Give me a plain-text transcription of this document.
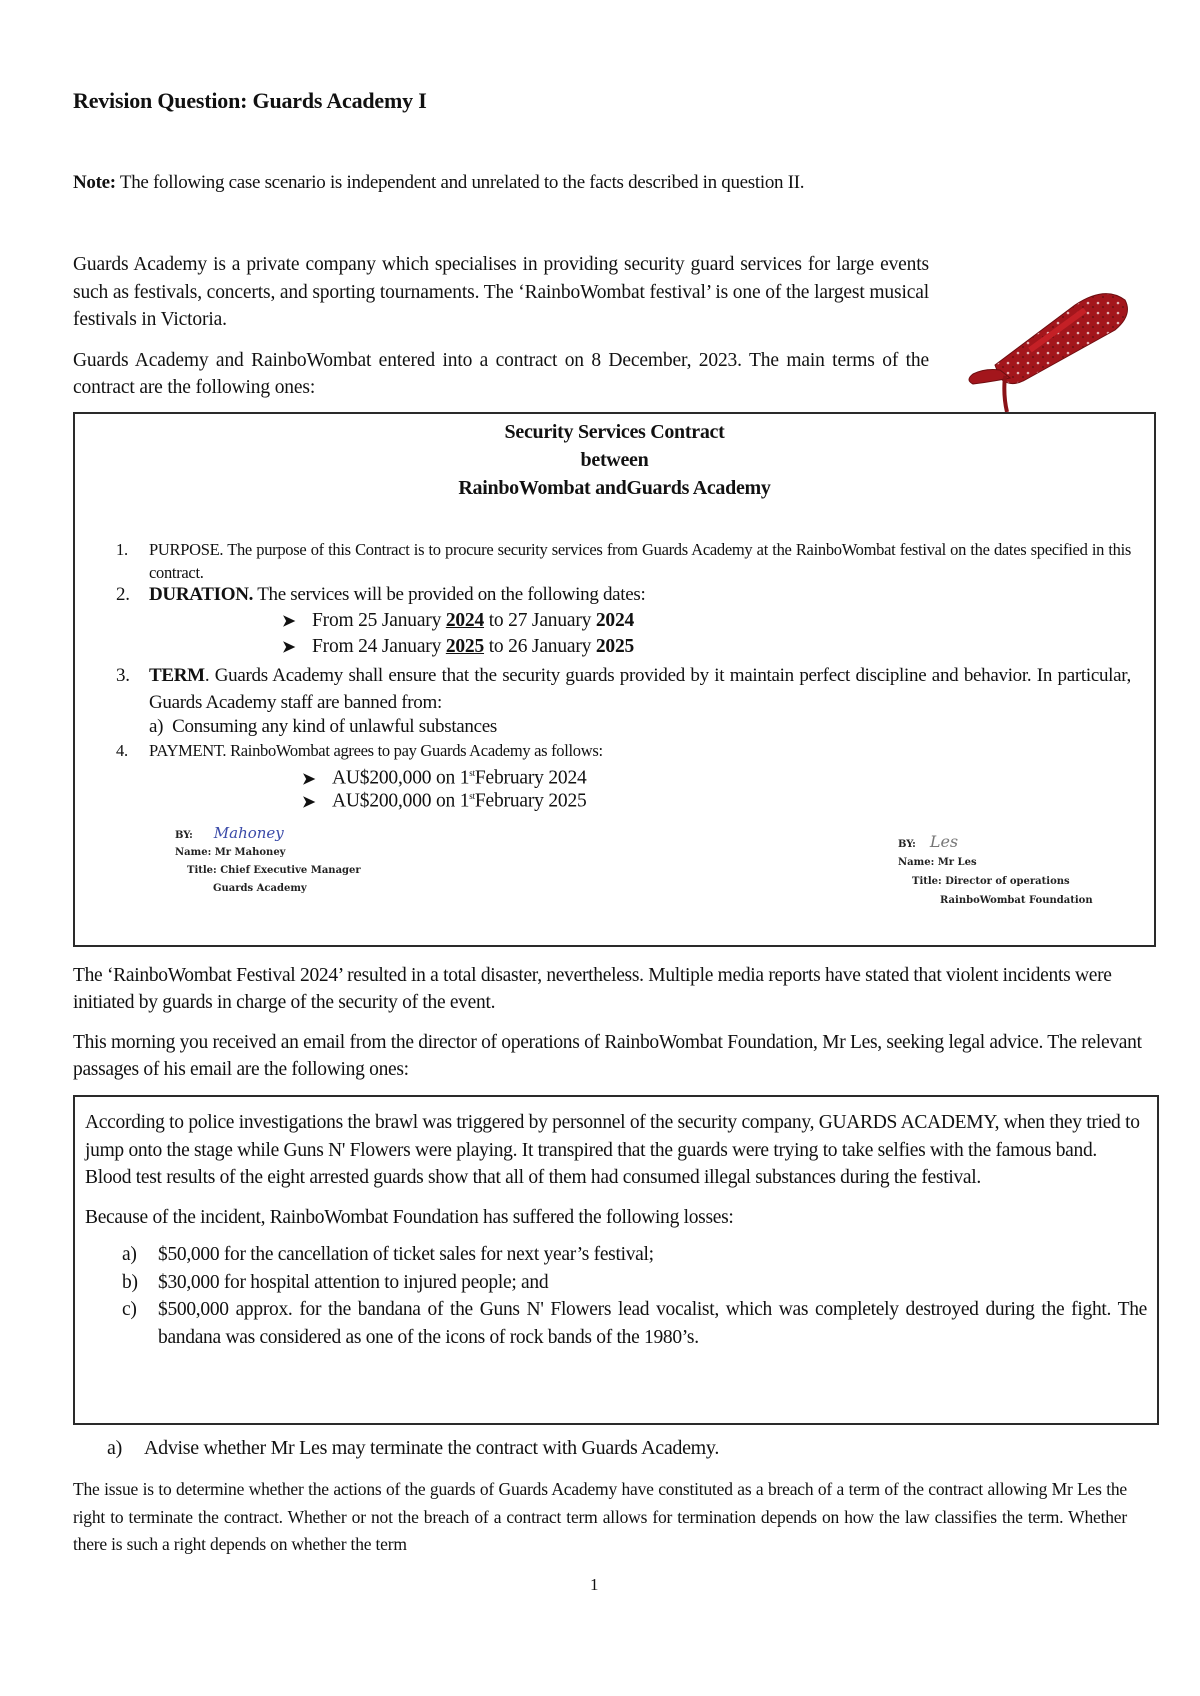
Revision Question: Guards Academy I
Note: The following case scenario is independent and unrelated to the facts described in question II.

Guards Academy is a private company which specialises in providing security guard services for large events such as festivals, concerts, and sporting tournaments. The ‘RainboWombat festival’ is one of the largest musical festivals in Victoria.

Guards Academy and RainboWombat entered into a contract on 8 December, 2023. The main terms of the contract are the following ones:

Security Services Contract
between
RainboWombat andGuards Academy
1. PURPOSE. The purpose of this Contract is to procure security services from Guards Academy at the RainboWombat festival on the dates specified in this contract.
2. DURATION. The services will be provided on the following dates:
➤ From 25 January 2024 to 27 January 2024
➤ From 24 January 2025 to 26 January 2025
3. TERM. Guards Academy shall ensure that the security guards provided by it maintain perfect discipline and behavior. In particular, Guards Academy staff are banned from:
a) Consuming any kind of unlawful substances
4. PAYMENT. RainboWombat agrees to pay Guards Academy as follows:
➤ AU$200,000 on 1stFebruary 2024
➤ AU$200,000 on 1stFebruary 2025
BY: Mahoney
Name: Mr Mahoney
Title: Chief Executive Manager
Guards Academy
BY: Les
Name: Mr Les
Title: Director of operations
RainboWombat Foundation

The ‘RainboWombat Festival 2024’ resulted in a total disaster, nevertheless. Multiple media reports have stated that violent incidents were initiated by guards in charge of the security of the event.

This morning you received an email from the director of operations of RainboWombat Foundation, Mr Les, seeking legal advice. The relevant passages of his email are the following ones:

According to police investigations the brawl was triggered by personnel of the security company, GUARDS ACADEMY, when they tried to jump onto the stage while Guns N' Flowers were playing. It transpired that the guards were trying to take selfies with the famous band. Blood test results of the eight arrested guards show that all of them had consumed illegal substances during the festival.

Because of the incident, RainboWombat Foundation has suffered the following losses:

a) $50,000 for the cancellation of ticket sales for next year’s festival;
b) $30,000 for hospital attention to injured people; and
c) $500,000 approx. for the bandana of the Guns N' Flowers lead vocalist, which was completely destroyed during the fight. The bandana was considered as one of the icons of rock bands of the 1980’s.
a) Advise whether Mr Les may terminate the contract with Guards Academy.
The issue is to determine whether the actions of the guards of Guards Academy have constituted as a breach of a term of the contract allowing Mr Les the right to terminate the contract. Whether or not the breach of a contract term allows for termination depends on how the law classifies the term. Whether there is such a right depends on whether the term
1
